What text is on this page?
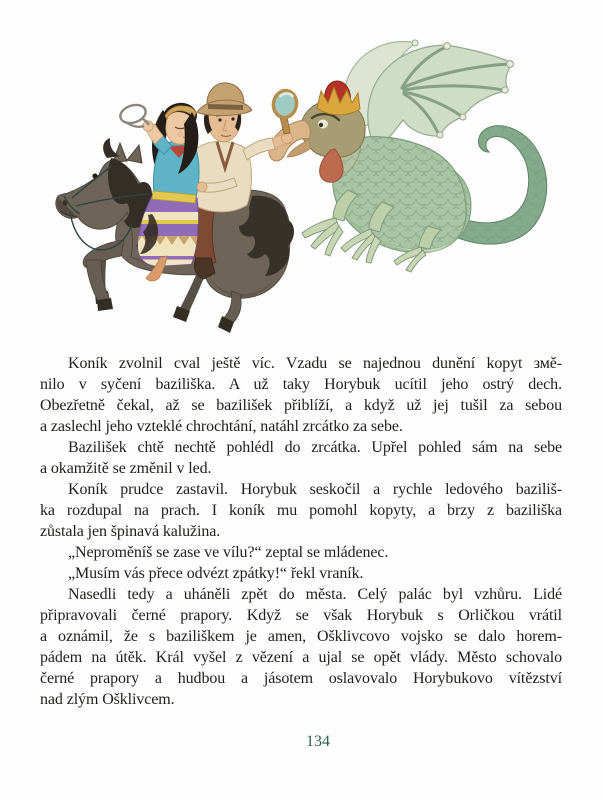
Koník zvolnil cval ještě víc. Vzadu se najednou dunění kopyt змě-
nilo v syčení baziliška. A už taky Horybuk ucítil jeho ostrý dech.
Obezřetně čekal, až se bazilišek přiblíží, a když už jej tušil za sebou
a zaslechl jeho vzteklé chrochtání, natáhl zrcátko za sebe.
Bazilišek chtě nechtě pohlédl do zrcátka. Upřel pohled sám na sebe
a okamžitě se změnil v led.
Koník prudce zastavil. Horybuk seskočil a rychle ledového baziliš-
ka rozdupal na prach. I koník mu pomohl kopyty, a brzy z baziliška
zůstala jen špinavá kalužina.
„Neproměníš se zase ve vílu?“ zeptal se mládenec.
„Musím vás přece odvézt zpátky!“ řekl vraník.
Nasedli tedy a uháněli zpět do města. Celý palác byl vzhůru. Lidé
připravovali černé prapory. Když se však Horybuk s Orličkou vrátil
a oznámil, že s baziliškem je amen, Ošklivcovo vojsko se dalo horem-
pádem na útěk. Král vyšel z vězení a ujal se opět vlády. Město schovalo
černé prapory a hudbou a jásotem oslavovalo Horybukovo vítězství
nad zlým Ošklivcem.
134
